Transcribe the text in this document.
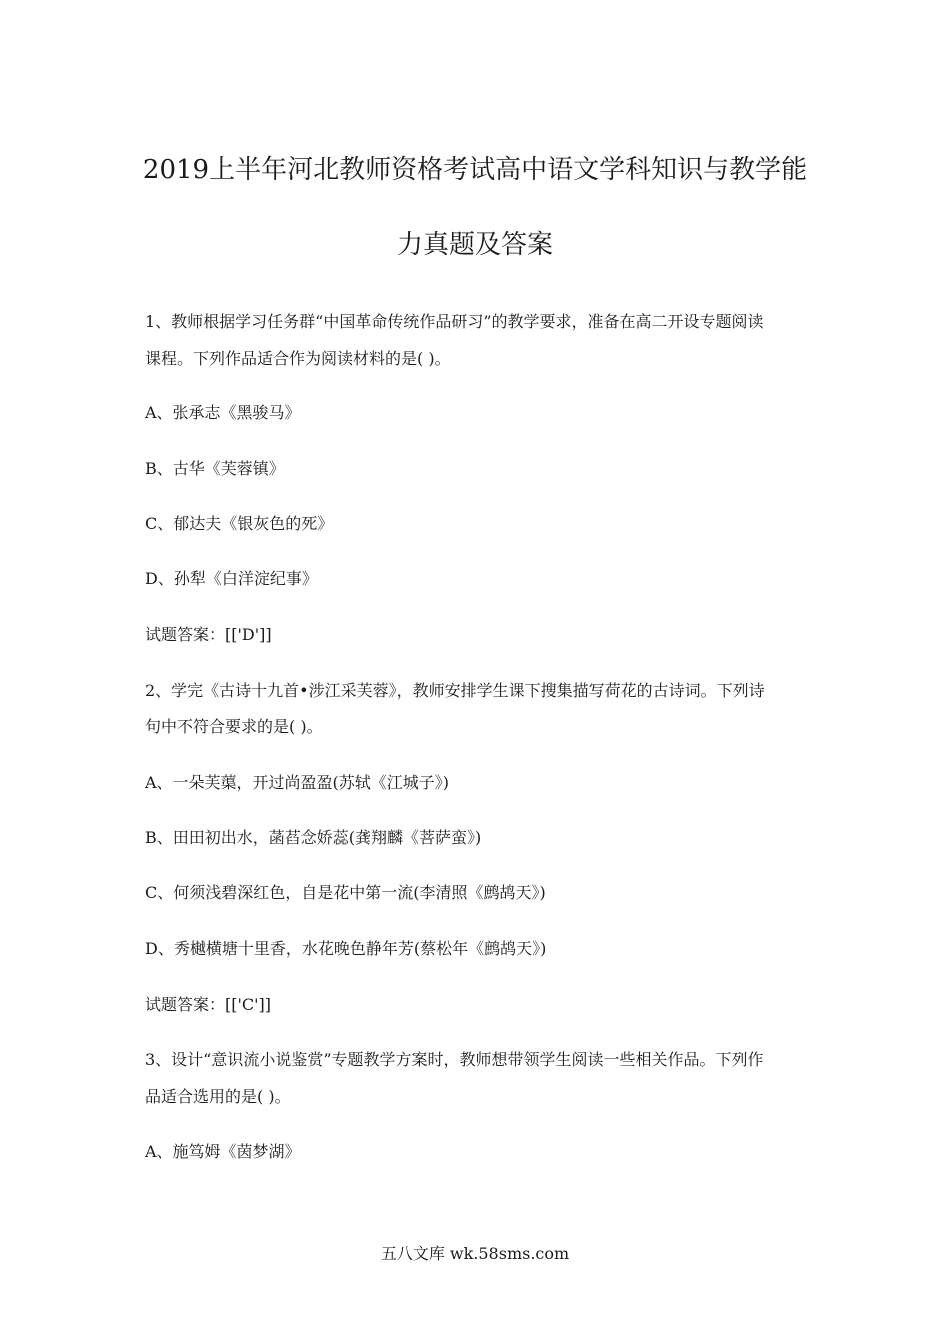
2019上半年河北教师资格考试高中语文学科知识与教学能
力真题及答案

1、教师根据学习任务群“中国革命传统作品研习”的教学要求，准备在高二开设专题阅读

课程。下列作品适合作为阅读材料的是( )。

A、张承志《黑骏马》

B、古华《芙蓉镇》

C、郁达夫《银灰色的死》

D、孙犁《白洋淀纪事》

试题答案：[['D']]

2、学完《古诗十九首•涉江采芙蓉》，教师安排学生课下搜集描写荷花的古诗词。下列诗

句中不符合要求的是( )。

A、一朵芙蕖，开过尚盈盈(苏轼《江城子》)

B、田田初出水，菡萏念娇蕊(龚翔麟《菩萨蛮》)

C、何须浅碧深红色，自是花中第一流(李清照《鹧鸪天》)

D、秀樾横塘十里香，水花晚色静年芳(蔡松年《鹧鸪天》)

试题答案：[['C']]

3、设计“意识流小说鉴赏”专题教学方案时，教师想带领学生阅读一些相关作品。下列作

品适合选用的是( )。

A、施笃姆《茵梦湖》

五八文库 wk.58sms.com
